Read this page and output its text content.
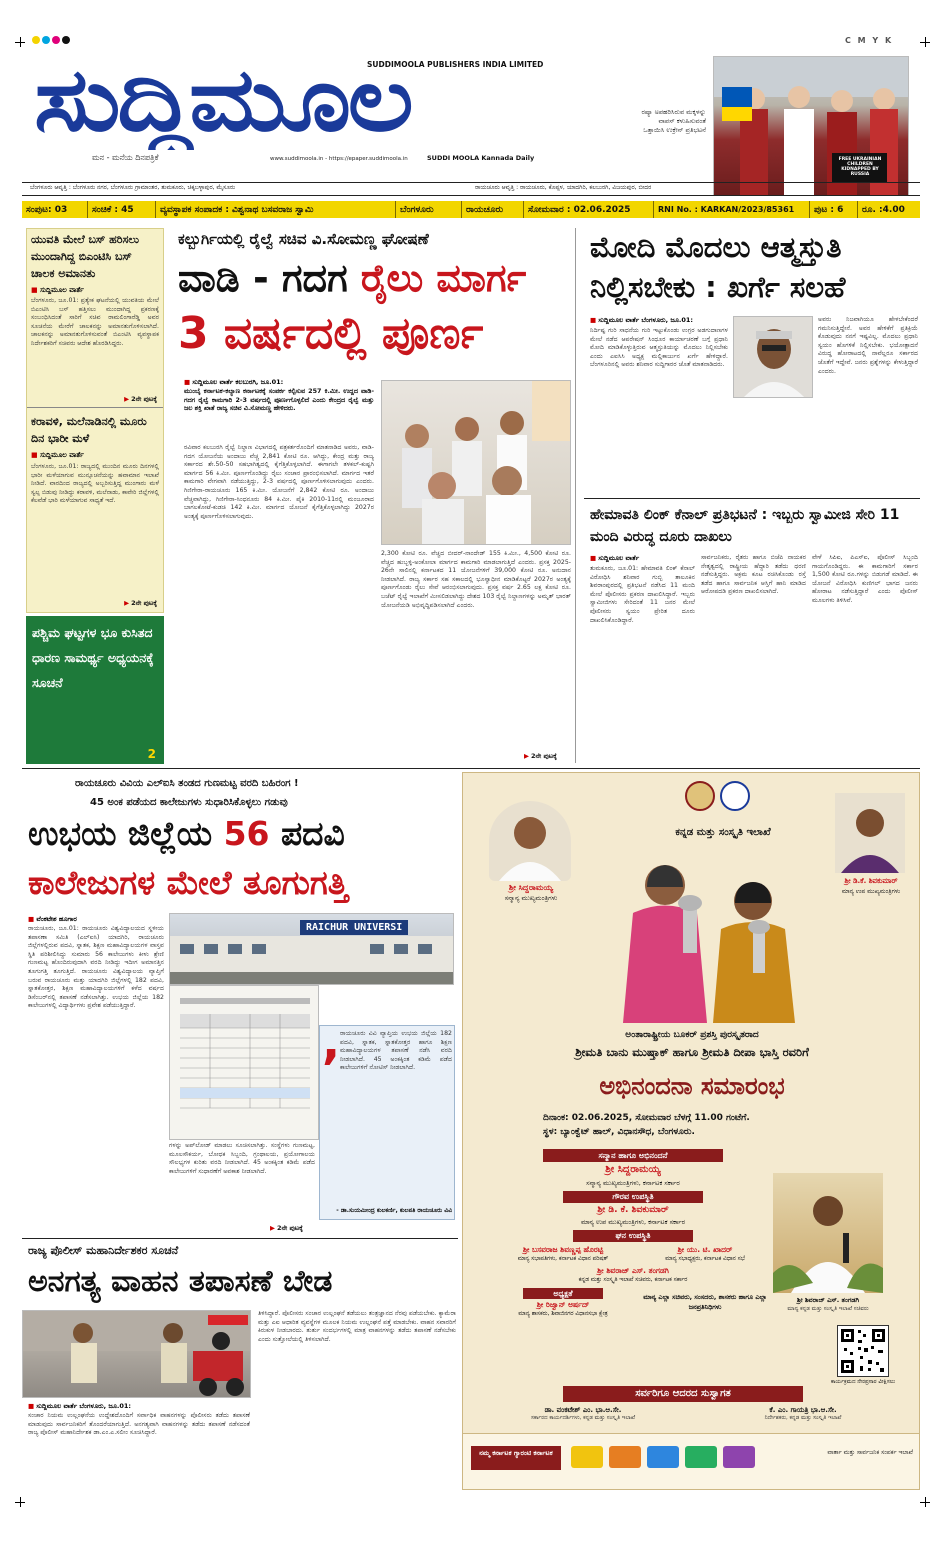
C M Y K
ಸುದ್ದಿಮೂಲ
SUDDIMOOLA PUBLISHERS INDIA LIMITED
ಮನ - ಮನೆಯ ದಿನಪತ್ರಿಕೆ	www.suddimoola.in - https://epaper.suddimoola.in	SUDDI MOOLA Kannada Daily
ರಷ್ಯಾ ಅಪಹರಿಸಿರುವ ಮಕ್ಕಳನ್ನು ವಾಪಸ್ ಕಳುಹಿಸುವಂತೆ ಒತ್ತಾಯಿಸಿ ಉಕ್ರೇನ್ ಪ್ರತಿಭಟನೆ
FREE UKRAINIAN CHILDREN KIDNAPPED BY RUSSIA
ಬೆಂಗಳೂರು ಆವೃತ್ತಿ : ಬೆಂಗಳೂರು ನಗರ, ಬೆಂಗಳೂರು ಗ್ರಾಮಾಂತರ, ತುಮಕೂರು, ಚಿಕ್ಕಬಳ್ಳಾಪುರ, ಮೈಸೂರು	ರಾಯಚೂರು ಆವೃತ್ತಿ : ರಾಯಚೂರು, ಕೊಪ್ಪಳ, ಯಾದಗಿರಿ, ಕಲಬುರಗಿ, ವಿಜಯಪುರ, ಬೀದರ
ಸಂಪುಟ: 03	ಸಂಚಿಕೆ : 45	ವ್ಯವಸ್ಥಾಪಕ ಸಂಪಾದಕ : ವಿಶ್ವನಾಥ ಬಸವರಾಜ ಸ್ವಾಮಿ	ಬೆಂಗಳೂರು	ರಾಯಚೂರು	ಸೋಮವಾರ : 02.06.2025	RNI No. : KARKAN/2023/85361	ಪುಟ : 6	ರೂ. :4.00
ಯುವತಿ ಮೇಲೆ ಬಸ್ ಹರಿಸಲು ಮುಂದಾಗಿದ್ದ ಬಿಎಂಟಿಸಿ ಬಸ್ ಚಾಲಕ ಅಮಾನತು
■ ಸುದ್ದಿಮೂಲ ವಾರ್ತೆ
ಬೆಂಗಳೂರು, ಜೂ.01: ಪ್ರತ್ಯೇಕ ಘಟನೆಯಲ್ಲಿ ಯುವತಿಯ ಮೇಲೆ ಬಿಎಂಟಿಸಿ ಬಸ್ ಹತ್ತಿಸಲು ಮುಂದಾಗಿದ್ದ ಪ್ರಕರಣಕ್ಕೆ ಸಂಬಂಧಿಸಿದಂತೆ ಸಾರಿಗೆ ಸಚಿವ ರಾಮಲಿಂಗಾರೆಡ್ಡಿ ಅವರ ಸೂಚನೆಯ ಮೇರೆಗೆ ಚಾಲಕನನ್ನು ಅಮಾನತುಗೊಳಿಸಲಾಗಿದೆ. ಚಾಲಕನನ್ನು ಅಮಾನತುಗೊಳಿಸುವಂತೆ ಬಿಎಂಟಿಸಿ ವ್ಯವಸ್ಥಾಪಕ ನಿರ್ದೇಶಕರಿಗೆ ಸಚಿವರು ಆದೇಶ ಹೊರಡಿಸಿದ್ದರು.
▶ 2ನೇ ಪುಟಕ್ಕೆ
ಕರಾವಳಿ, ಮಲೆನಾಡಿನಲ್ಲಿ ಮೂರು ದಿನ ಭಾರೀ ಮಳೆ
■ ಸುದ್ದಿಮೂಲ ವಾರ್ತೆ
ಬೆಂಗಳೂರು, ಜೂ.01: ರಾಜ್ಯದಲ್ಲಿ ಮುಂದಿನ ಮೂರು ದಿನಗಳಲ್ಲಿ ಭಾರೀ ಮಳೆಯಾಗುವ ಮುನ್ಸೂಚನೆಯನ್ನು ಹವಾಮಾನ ಇಲಾಖೆ ನೀಡಿದೆ. ವಾರದಿಂದ ರಾಜ್ಯದಲ್ಲಿ ಅಬ್ಬರಿಸುತ್ತಿದ್ದ ಮುಂಗಾರು ಮಳೆ ಸ್ವಲ್ಪ ಬಿಡುವು ನೀಡಿದ್ದು ಕರಾವಳಿ, ಮಲೆನಾಡು, ಕಾವೇರಿ ಜಿಲ್ಲೆಗಳಲ್ಲಿ ಕೆಲವೆಡೆ ಭಾರಿ ಮಳೆಯಾಗುವ ಸಾಧ್ಯತೆ ಇದೆ.
▶ 2ನೇ ಪುಟಕ್ಕೆ
ಪಶ್ಚಿಮ ಘಟ್ಟಗಳ ಭೂ ಕುಸಿತದ ಧಾರಣ ಸಾಮರ್ಥ್ಯ ಅಧ್ಯಯನಕ್ಕೆ ಸೂಚನೆ
2
ಕಲ್ಬುರ್ಗಿಯಲ್ಲಿ ರೈಲ್ವೆ ಸಚಿವ ವಿ.ಸೋಮಣ್ಣ ಘೋಷಣೆ
ವಾಡಿ - ಗದಗ ರೈಲು ಮಾರ್ಗ
3 ವರ್ಷದಲ್ಲಿ ಪೂರ್ಣ
■ ಸುದ್ದಿಮೂಲ ವಾರ್ತೆ ಕಲಬುರಗಿ, ಜೂ.01:
ಮುಂಬೈ ಕರ್ನಾಟಕ-ಕಲ್ಯಾಣ ಕರ್ನಾಟಕಕ್ಕೆ ಸಂಪರ್ಕ ಕಲ್ಪಿಸುವ 257 ಕಿ.ಮೀ. ಉದ್ದದ ವಾಡಿ-ಗದಗ ರೈಲ್ವೆ ಕಾಮಗಾರಿ 2-3 ವರ್ಷದಲ್ಲಿ ಪೂರ್ಣಗೊಳ್ಳಲಿದೆ ಎಂದು ಕೇಂದ್ರದ ರೈಲ್ವೆ ಮತ್ತು ಜಲ ಶಕ್ತಿ ಖಾತೆ ರಾಜ್ಯ ಸಚಿವ ವಿ.ಸೋಮಣ್ಣ ಹೇಳಿದರು.
ರವಿವಾರ ಕಲಬುರಗಿ ರೈಲ್ವೆ ನಿಲ್ದಾಣ ವಿಭಾಗದಲ್ಲಿ ಪತ್ರಕರ್ತರೊಂದಿಗೆ ಮಾತನಾಡಿದ ಅವರು, ವಾಡಿ-ಗದಗ ಯೋಜನೆಯ ಅಂದಾಜು ವೆಚ್ಚ 2,841 ಕೋಟಿ ರೂ. ಆಗಿದ್ದು, ಕೇಂದ್ರ ಮತ್ತು ರಾಜ್ಯ ಸರ್ಕಾರದ ಶೇ.50-50 ಸಹಭಾಗಿತ್ವದಲ್ಲಿ ಕೈಗೆತ್ತಿಕೊಳ್ಳಲಾಗಿದೆ. ಈಗಾಗಲೇ ತಳಕಲ್-ಕುಷ್ಟಗಿ ಮಾರ್ಗದ 56 ಕಿ.ಮೀ. ಪೂರ್ಣಗೊಂಡಿದ್ದು ರೈಲು ಸಂಚಾರ ಪ್ರಾರಂಭಿಸಲಾಗಿದೆ. ಮಾರ್ಗದ ಇತರೆ ಕಾಮಗಾರಿ ವೇಗವಾಗಿ ನಡೆಯುತ್ತಿದ್ದು, 2-3 ವರ್ಷದಲ್ಲಿ ಪೂರ್ಣಗೊಳಿಸಲಾಗುವುದು ಎಂದರು. ಗಿಣಿಗೇರಾ-ರಾಯಚೂರು 165 ಕಿ.ಮೀ. ಯೋಜನೆಗೆ 2,842 ಕೋಟಿ ರೂ. ಅಂದಾಜು ವೆಚ್ಚವಾಗಿದ್ದು, ಗಿಣಿಗೇರಾ-ಸಿಂಧನೂರು 84 ಕಿ.ಮೀ. ಪೈಕಿ 2010-11ರಲ್ಲಿ ಮಂಜೂರಾದ ಬಾಗಲಕೋಟೆ-ಕುಡಚಿ 142 ಕಿ.ಮೀ. ಮಾರ್ಗದ ಯೋಜನೆ ಕೈಗೆತ್ತಿಕೊಳ್ಳಲಾಗಿದ್ದು 2027ರ ಅಂತ್ಯಕ್ಕೆ ಪೂರ್ಣಗೊಳಿಸಲಾಗುವುದು.
2,300 ಕೋಟಿ ರೂ. ವೆಚ್ಚದ ಬೀದರ್-ನಾಂದೇಡ್ 155 ಕಿ.ಮೀ., 4,500 ಕೋಟಿ ರೂ. ವೆಚ್ಚದ ಹುಬ್ಬಳ್ಳಿ-ಅಂಕೋಲಾ ಮಾರ್ಗದ ಕಾಮಗಾರಿ ಮಾಡಲಾಗುತ್ತಿದೆ ಎಂದರು. ಪ್ರಸಕ್ತ 2025-26ನೇ ಸಾಲಿನಲ್ಲಿ ಕರ್ನಾಟಕದ 11 ಯೋಜನೆಗಳಿಗೆ 39,000 ಕೋಟಿ ರೂ. ಅನುದಾನ ನೀಡಲಾಗಿದೆ. ರಾಜ್ಯ ಸರ್ಕಾರ ಸಹ ಸಕಾಲದಲ್ಲಿ ಭೂಸ್ವಾಧೀನ ಮಾಡಿಕೊಟ್ಟರೆ 2027ರ ಅಂತ್ಯಕ್ಕೆ ಪೂರ್ಣಗೊಂಡು ರೈಲು ಸೇವೆ ಆರಂಭಿಸಲಾಗುವುದು. ಪ್ರಸಕ್ತ ವರ್ಷ 2.65 ಲಕ್ಷ ಕೋಟಿ ರೂ. ಬಜೆಟ್ ರೈಲ್ವೆ ಇಲಾಖೆಗೆ ಮೀಸಲಿಡಲಾಗಿದ್ದು ದೇಶದ 103 ರೈಲ್ವೆ ನಿಲ್ದಾಣಗಳನ್ನು ಅಮೃತ್ ಭಾರತ್ ಯೋಜನೆಯಡಿ ಅಭಿವೃದ್ಧಿಪಡಿಸಲಾಗಿದೆ ಎಂದರು.
▶ 2ನೇ ಪುಟಕ್ಕೆ
ಮೋದಿ ಮೊದಲು ಆತ್ಮಸ್ತುತಿ
ನಿಲ್ಲಿಸಬೇಕು : ಖರ್ಗೆ ಸಲಹೆ
■ ಸುದ್ದಿಮೂಲ ವಾರ್ತೆ ಬೆಂಗಳೂರು, ಜೂ.01:
ನಿರ್ದಿಷ್ಟ ಗುರಿ ಸಾಧನೆಯ ಗುರಿ ಇಟ್ಟುಕೊಂಡು ಉಗ್ರರ ಅಡಗುದಾಣಗಳ ಮೇಲೆ ನಡೆದ ಆಪರೇಷನ್ ಸಿಂಧೂರ ಕಾರ್ಯಾಚರಣೆ ಬಗ್ಗೆ ಪ್ರಧಾನಿ ಮೋದಿ ಮಾಡಿಕೊಳ್ಳುತ್ತಿರುವ ಆತ್ಮಸ್ತುತಿಯನ್ನು ಮೊದಲು ನಿಲ್ಲಿಸಬೇಕು ಎಂದು ಎಐಸಿಸಿ ಅಧ್ಯಕ್ಷ ಮಲ್ಲಿಕಾರ್ಜುನ ಖರ್ಗೆ ಹೇಳಿದ್ದಾರೆ. ಬೆಂಗಳೂರಿನಲ್ಲಿ ಅವರು ಶನಿವಾರ ಸುದ್ದಿಗಾರರ ಜೊತೆ ಮಾತನಾಡಿದರು.
ಅವರು ನಿಜವಾಗಿಯೂ ಹೇಳಬೇಕೆಂದರೆ ಗಮನಿಸುತ್ತಿದ್ದೇನೆ. ಅವರ ಹೇಳಿಕೆಗೆ ಪ್ರತಿಕ್ರಿಯೆ ಕೊಡುವುದು ನನಗೆ ಇಷ್ಟವಿಲ್ಲ. ಮೊದಲು ಪ್ರಧಾನಿ ಸ್ವಯಂ ಹೊಗಳಿಕೆ ನಿಲ್ಲಿಸಬೇಕು. ಭಯೋತ್ಪಾದನೆ ವಿರುದ್ಧ ಹೋರಾಟದಲ್ಲಿ ನಾವೆಲ್ಲರೂ ಸರ್ಕಾರದ ಜೊತೆಗೆ ಇದ್ದೇವೆ. ಜನರು ಪ್ರಶ್ನೆಗಳನ್ನು ಕೇಳುತ್ತಿದ್ದಾರೆ ಎಂದರು.
ಹೇಮಾವತಿ ಲಿಂಕ್ ಕೆನಾಲ್ ಪ್ರತಿಭಟನೆ : ಇಬ್ಬರು ಸ್ವಾಮೀಜಿ ಸೇರಿ 11 ಮಂದಿ ವಿರುದ್ಧ ದೂರು ದಾಖಲು
■ ಸುದ್ದಿಮೂಲ ವಾರ್ತೆ
ತುಮಕೂರು, ಜೂ.01: ಹೇಮಾವತಿ ಲಿಂಕ್ ಕೆನಾಲ್ ವಿರೋಧಿಸಿ ಶನಿವಾರ ಗುಬ್ಬಿ ತಾಲೂಕಿನ ಶಿವರಾಂಪುರದಲ್ಲಿ ಪ್ರತಿಭಟನೆ ನಡೆಸಿದ 11 ಮಂದಿ ಮೇಲೆ ಪೊಲೀಸರು ಪ್ರಕರಣ ದಾಖಲಿಸಿದ್ದಾರೆ. ಇಬ್ಬರು ಸ್ವಾಮೀಜಿಗಳು ಸೇರಿದಂತೆ 11 ಜನರ ಮೇಲೆ ಪೊಲೀಸರು ಸ್ವಯಂ ಪ್ರೇರಿತ ದೂರು ದಾಖಲಿಸಿಕೊಂಡಿದ್ದಾರೆ.
ಸಾರ್ವಜನಿಕರು, ರೈತರು ಹಾಗೂ ಬಿಜೆಪಿ ನಾಯಕರ ನೇತೃತ್ವದಲ್ಲಿ ರಾಷ್ಟ್ರೀಯ ಹೆದ್ದಾರಿ ತಡೆದು ಧರಣಿ ನಡೆಸುತ್ತಿದ್ದರು. ಅಕ್ರಮ ಕೂಟ ರಚಿಸಿಕೊಂಡು ರಸ್ತೆ ತಡೆದ ಹಾಗೂ ಸಾರ್ವಜನಿಕ ಆಸ್ತಿಗೆ ಹಾನಿ ಮಾಡಿದ ಆರೋಪದಡಿ ಪ್ರಕರಣ ದಾಖಲಿಸಲಾಗಿದೆ.
ವೇಳೆ ಸಿಪಿಐ, ಪಿಎಸ್ಐ, ಪೊಲೀಸ್ ಸಿಬ್ಬಂದಿ ಗಾಯಗೊಂಡಿದ್ದರು. ಈ ಕಾಮಗಾರಿಗೆ ಸರ್ಕಾರ 1,500 ಕೋಟಿ ರೂ.ಗಳನ್ನು ಬಿಡುಗಡೆ ಮಾಡಿದೆ. ಈ ಯೋಜನೆ ವಿರೋಧಿಸಿ ಕುಣಿಗಲ್ ಭಾಗದ ಜನರು ಹೋರಾಟ ನಡೆಸುತ್ತಿದ್ದಾರೆ ಎಂದು ಪೊಲೀಸ್ ಮೂಲಗಳು ತಿಳಿಸಿವೆ.
ರಾಯಚೂರು ವಿವಿಯ ಎಲ್‌ಐಸಿ ತಂಡದ ಗುಣಮಟ್ಟ ವರದಿ ಬಹಿರಂಗ !
45 ಅಂಕ ಪಡೆಯದ ಕಾಲೇಜುಗಳು ಸುಧಾರಿಸಿಕೊಳ್ಳಲು ಗಡುವು
ಉಭಯ ಜಿಲ್ಲೆಯ 56 ಪದವಿ
ಕಾಲೇಜುಗಳ ಮೇಲೆ ತೂಗುಗತ್ತಿ
■ ವೆಂಕಟೇಶ ಹೂಗಾರ
ರಾಯಚೂರು, ಜೂ.01: ರಾಯಚೂರು ವಿಶ್ವವಿದ್ಯಾಲಯದ ಸ್ಥಳೀಯ ತಪಾಸಣಾ ಸಮಿತಿ (ಎಲ್‌ಐಸಿ) ಯಾದಗಿರಿ, ರಾಯಚೂರು ಜಿಲ್ಲೆಗಳಲ್ಲಿರುವ ಪದವಿ, ಸ್ನಾತಕ, ಶಿಕ್ಷಣ ಮಹಾವಿದ್ಯಾಲಯಗಳ ವಾಸ್ತವ ಸ್ಥಿತಿ ಪರಿಶೀಲಿಸಿದ್ದು ಸುಮಾರು 56 ಕಾಲೇಜುಗಳು ಕೀಳು ಶ್ರೇಣಿ ಗುಣಮಟ್ಟ ಹೊಂದಿರುವುದಾಗಿ ವರದಿ ನೀಡಿದ್ದು ಇದೀಗ ಅಮಾನತ್ತಿನ ತೂಗುಗತ್ತಿ ತೂಗುತ್ತಿದೆ. ರಾಯಚೂರು ವಿಶ್ವವಿದ್ಯಾಲಯ ವ್ಯಾಪ್ತಿಗೆ ಬರುವ ರಾಯಚೂರು ಮತ್ತು ಯಾದಗಿರಿ ಜಿಲ್ಲೆಗಳಲ್ಲಿ 182 ಪದವಿ, ಸ್ನಾತಕೋತ್ತರ, ಶಿಕ್ಷಣ ಮಹಾವಿದ್ಯಾಲಯಗಳಿಗೆ ಕಳೆದ ವರ್ಷದ ಡಿಸೆಂಬರ್‌ನಲ್ಲಿ ತಪಾಸಣೆ ನಡೆಸಲಾಗಿತ್ತು. ಉಭಯ ಜಿಲ್ಲೆಯ 182 ಕಾಲೇಜುಗಳಲ್ಲಿ ವಿದ್ಯಾರ್ಥಿಗಳು ಪ್ರವೇಶ ಪಡೆಯುತ್ತಿದ್ದಾರೆ.
RAICHUR UNIVERSI
, ರಾಯಚೂರು ವಿವಿ ವ್ಯಾಪ್ತಿಯ ಉಭಯ ಜಿಲ್ಲೆಯ 182 ಪದವಿ, ಸ್ನಾತಕ, ಸ್ನಾತಕೋತ್ತರ ಹಾಗೂ ಶಿಕ್ಷಣ ಮಹಾವಿದ್ಯಾಲಯಗಳ ತಪಾಸಣೆ ನಡೆಸಿ ವರದಿ ನೀಡಲಾಗಿದೆ. 45 ಅಂಕಕ್ಕಿಂತ ಕಡಿಮೆ ಪಡೆದ ಕಾಲೇಜುಗಳಿಗೆ ನೋಟಿಸ್ ನೀಡಲಾಗಿದೆ.
- ಡಾ.ಸುಯಮೀಂದ್ರ ಕುಲಕರ್ಣಿ, ಕುಲಪತಿ ರಾಯಚೂರು ವಿವಿ
ಗಳನ್ನು ಅಪ್‌ಲೋಡ್ ಮಾಡಲು ಸೂಚಿಸಲಾಗಿತ್ತು. ಸಂಸ್ಥೆಗಳು ಗುಣಮಟ್ಟ, ಮೂಲಸೌಕರ್ಯ, ಬೋಧಕ ಸಿಬ್ಬಂದಿ, ಗ್ರಂಥಾಲಯ, ಪ್ರಯೋಗಾಲಯ ಸೌಲಭ್ಯಗಳ ಕುರಿತು ವರದಿ ನೀಡಲಾಗಿದೆ. 45 ಅಂಕಕ್ಕಿಂತ ಕಡಿಮೆ ಪಡೆದ ಕಾಲೇಜುಗಳಿಗೆ ಸುಧಾರಣೆಗೆ ಅವಕಾಶ ನೀಡಲಾಗಿದೆ.
▶ 2ನೇ ಪುಟಕ್ಕೆ
ರಾಜ್ಯ ಪೊಲೀಸ್ ಮಹಾನಿರ್ದೇಶಕರ ಸೂಚನೆ
ಅನಗತ್ಯ ವಾಹನ ತಪಾಸಣೆ ಬೇಡ
■ ಸುದ್ದಿಮೂಲ ವಾರ್ತೆ ಬೆಂಗಳೂರು, ಜೂ.01:
ಸಂಚಾರ ನಿಯಮ ಉಲ್ಲಂಘನೆಯ ಉದ್ದೇಶದೊಂದಿಗೆ ಸರ್ವಾಧಿಕ ವಾಹನಗಳನ್ನು ಪೊಲೀಸರು ತಡೆದು ತಪಾಸಣೆ ಮಾಡುವುದು ಸಾರ್ವಜನಿಕರಿಗೆ ತೊಂದರೆಯಾಗುತ್ತಿದೆ. ಅನಗತ್ಯವಾಗಿ ವಾಹನಗಳನ್ನು ತಡೆದು ತಪಾಸಣೆ ನಡೆಸದಂತೆ ರಾಜ್ಯ ಪೊಲೀಸ್ ಮಹಾನಿರ್ದೇಶಕ ಡಾ.ಎಂ.ಎ.ಸಲೀಂ ಸೂಚಿಸಿದ್ದಾರೆ.
ತಿಳಿಸಿದ್ದಾರೆ. ಪೊಲೀಸರು ಸಂಚಾರ ಉಲ್ಲಂಘನೆ ತಡೆಯಲು ತಂತ್ರಜ್ಞಾನದ ನೆರವು ಪಡೆಯಬೇಕು. ಕ್ಯಾಮೆರಾ ಮತ್ತು ಎಐ ಆಧಾರಿತ ವ್ಯವಸ್ಥೆಗಳ ಮೂಲಕ ನಿಯಮ ಉಲ್ಲಂಘನೆ ಪತ್ತೆ ಮಾಡಬೇಕು. ವಾಹನ ಸವಾರರಿಗೆ ಕಿರುಕುಳ ನೀಡಬಾರದು. ತುರ್ತು ಸಂದರ್ಭಗಳಲ್ಲಿ ಮಾತ್ರ ವಾಹನಗಳನ್ನು ತಡೆದು ತಪಾಸಣೆ ನಡೆಸಬೇಕು ಎಂದು ಸುತ್ತೋಲೆಯಲ್ಲಿ ತಿಳಿಸಲಾಗಿದೆ.
ಕನ್ನಡ ಮತ್ತು ಸಂಸ್ಕೃತಿ ಇಲಾಖೆ
ಶ್ರೀ ಸಿದ್ದರಾಮಯ್ಯ
ಸನ್ಮಾನ್ಯ ಮುಖ್ಯಮಂತ್ರಿಗಳು
ಶ್ರೀ ಡಿ.ಕೆ. ಶಿವಕುಮಾರ್
ಮಾನ್ಯ ಉಪ ಮುಖ್ಯಮಂತ್ರಿಗಳು
ಅಂತಾರಾಷ್ಟ್ರೀಯ ಬೂಕರ್ ಪ್ರಶಸ್ತಿ ಪುರಸ್ಕೃತರಾದ
ಶ್ರೀಮತಿ ಬಾನು ಮುಷ್ತಾಕ್ ಹಾಗೂ ಶ್ರೀಮತಿ ದೀಪಾ ಭಾಸ್ತಿ ರವರಿಗೆ
ಅಭಿನಂದನಾ ಸಮಾರಂಭ
ದಿನಾಂಕ: 02.06.2025, ಸೋಮವಾರ ಬೆಳಗ್ಗೆ 11.00 ಗಂಟೆಗೆ.
ಸ್ಥಳ: ಬ್ಯಾಂಕ್ವೆಟ್ ಹಾಲ್, ವಿಧಾನಸೌಧ, ಬೆಂಗಳೂರು.
ಸನ್ಮಾನ ಹಾಗೂ ಅಭಿನಂದನೆ
ಶ್ರೀ ಸಿದ್ದರಾಮಯ್ಯ
ಸನ್ಮಾನ್ಯ ಮುಖ್ಯಮಂತ್ರಿಗಳು, ಕರ್ನಾಟಕ ಸರ್ಕಾರ
ಗೌರವ ಉಪಸ್ಥಿತಿ
ಶ್ರೀ ಡಿ. ಕೆ. ಶಿವಕುಮಾರ್
ಮಾನ್ಯ ಉಪ ಮುಖ್ಯಮಂತ್ರಿಗಳು, ಕರ್ನಾಟಕ ಸರ್ಕಾರ
ಘನ ಉಪಸ್ಥಿತಿ
ಶ್ರೀ ಬಸವರಾಜ ಶಿವಣ್ಣಪ್ಪ ಹೊರಟ್ಟಿ
ಮಾನ್ಯ ಸಭಾಪತಿಗಳು, ಕರ್ನಾಟಕ ವಿಧಾನ ಪರಿಷತ್
ಶ್ರೀ ಯು. ಟಿ. ಖಾದರ್
ಮಾನ್ಯ ಸಭಾಧ್ಯಕ್ಷರು, ಕರ್ನಾಟಕ ವಿಧಾನ ಸಭೆ
ಶ್ರೀ ಶಿವರಾಜ್ ಎಸ್. ತಂಗಡಗಿ
ಕನ್ನಡ ಮತ್ತು ಸಂಸ್ಕೃತಿ ಇಲಾಖೆ ಸಚಿವರು, ಕರ್ನಾಟಕ ಸರ್ಕಾರ
ಅಧ್ಯಕ್ಷತೆ
ಶ್ರೀ ರಿಜ್ವಾನ್ ಅರ್ಷದ್
ಮಾನ್ಯ ಶಾಸಕರು, ಶಿವಾಜಿನಗರ ವಿಧಾನಸಭಾ ಕ್ಷೇತ್ರ
ಮಾನ್ಯ ಎಲ್ಲಾ ಸಚಿವರು, ಸಂಸದರು, ಶಾಸಕರು ಹಾಗೂ ಎಲ್ಲಾ ಜನಪ್ರತಿನಿಧಿಗಳು
ಶ್ರೀ ಶಿವರಾಜ್ ಎಸ್. ತಂಗಡಗಿ
ಮಾನ್ಯ ಕನ್ನಡ ಮತ್ತು ಸಂಸ್ಕೃತಿ ಇಲಾಖೆ ಸಚಿವರು
ಕಾರ್ಯಕ್ರಮದ ನೇರಪ್ರಸಾರ ವೀಕ್ಷಿಸಲು
ಸರ್ವರಿಗೂ ಆದರದ ಸುಸ್ವಾಗತ
ಡಾ. ವಂಕಟೇಶ್ ಎಂ. ಭಾ.ಆ.ಸೇ.
ಸರ್ಕಾರದ ಕಾರ್ಯದರ್ಶಿಗಳು, ಕನ್ನಡ ಮತ್ತು ಸಂಸ್ಕೃತಿ ಇಲಾಖೆ
ಕೆ. ಎಂ. ಗಾಯತ್ರಿ ಭಾ.ಆ.ಸೇ.
ನಿರ್ದೇಶಕರು, ಕನ್ನಡ ಮತ್ತು ಸಂಸ್ಕೃತಿ ಇಲಾಖೆ
ನಮ್ಮ ಕರ್ನಾಟಕ ಗ್ಯಾರಂಟಿ ಕರ್ನಾಟಕ	ವಾರ್ತಾ ಮತ್ತು ಸಾರ್ವಜನಿಕ ಸಂಪರ್ಕ ಇಲಾಖೆ
